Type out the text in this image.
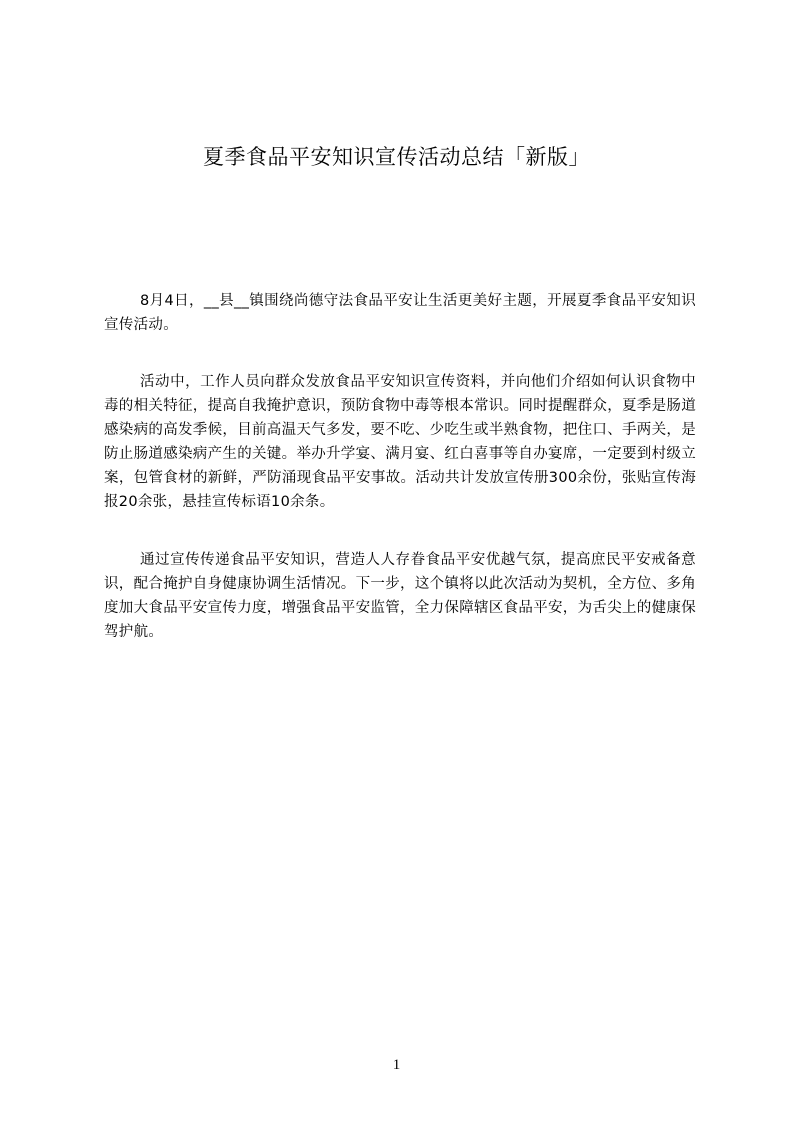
夏季食品平安知识宣传活动总结「新版」

8月4日，__县__镇围绕尚德守法食品平安让生活更美好主题，开展夏季食品平安知识宣传活动。

活动中，工作人员向群众发放食品平安知识宣传资料，并向他们介绍如何认识食物中毒的相关特征，提高自我掩护意识，预防食物中毒等根本常识。同时提醒群众，夏季是肠道感染病的高发季候，目前高温天气多发，要不吃、少吃生或半熟食物，把住口、手两关，是防止肠道感染病产生的关键。举办升学宴、满月宴、红白喜事等自办宴席，一定要到村级立案，包管食材的新鲜，严防涌现食品平安事故。活动共计发放宣传册300余份，张贴宣传海报20余张，悬挂宣传标语10余条。

通过宣传传递食品平安知识，营造人人存眷食品平安优越气氛，提高庶民平安戒备意识，配合掩护自身健康协调生活情况。下一步，这个镇将以此次活动为契机，全方位、多角度加大食品平安宣传力度，增强食品平安监管，全力保障辖区食品平安，为舌尖上的健康保驾护航。

1
